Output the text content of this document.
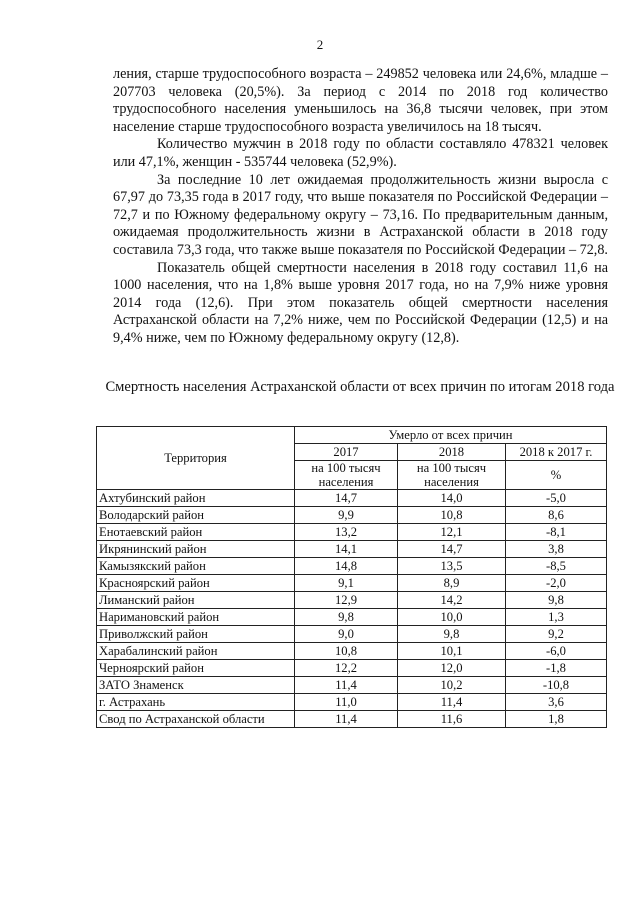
2

ления, старше трудоспособного возраста – 249852 человека или 24,6%, младше – 207703 человека (20,5%). За период с 2014 по 2018 год количество трудоспособного населения уменьшилось на 36,8 тысячи человек, при этом население старше трудоспособного возраста увеличилось на 18 тысяч.

Количество мужчин в 2018 году по области составляло 478321 человек или 47,1%, женщин - 535744 человека (52,9%).

За последние 10 лет ожидаемая продолжительность жизни выросла с 67,97 до 73,35 года в 2017 году, что выше показателя по Российской Федерации – 72,7 и по Южному федеральному округу – 73,16. По предварительным данным, ожидаемая продолжительность жизни в Астраханской области в 2018 году составила 73,3 года, что также выше показателя по Российской Федерации – 72,8.

Показатель общей смертности населения в 2018 году составил 11,6 на 1000 населения, что на 1,8% выше уровня 2017 года, но на 7,9% ниже уровня 2014 года (12,6). При этом показатель общей смертности населения Астраханской области на 7,2% ниже, чем по Российской Федерации (12,5) и на 9,4% ниже, чем по Южному федеральному округу (12,8).

Смертность населения Астраханской области от всех причин по итогам 2018 года
Территория	Умерло от всех причин		
	2017	2018	2018 к 2017 г.
	на 100 тысяч населения	на 100 тысяч населения	%
Ахтубинский район	14,7	14,0	-5,0
Володарский район	9,9	10,8	8,6
Енотаевский район	13,2	12,1	-8,1
Икрянинский район	14,1	14,7	3,8
Камызякский район	14,8	13,5	-8,5
Красноярский район	9,1	8,9	-2,0
Лиманский район	12,9	14,2	9,8
Наримановский район	9,8	10,0	1,3
Приволжский район	9,0	9,8	9,2
Харабалинский район	10,8	10,1	-6,0
Черноярский район	12,2	12,0	-1,8
ЗАТО Знаменск	11,4	10,2	-10,8
г. Астрахань	11,0	11,4	3,6
Свод по Астраханской области	11,4	11,6	1,8
